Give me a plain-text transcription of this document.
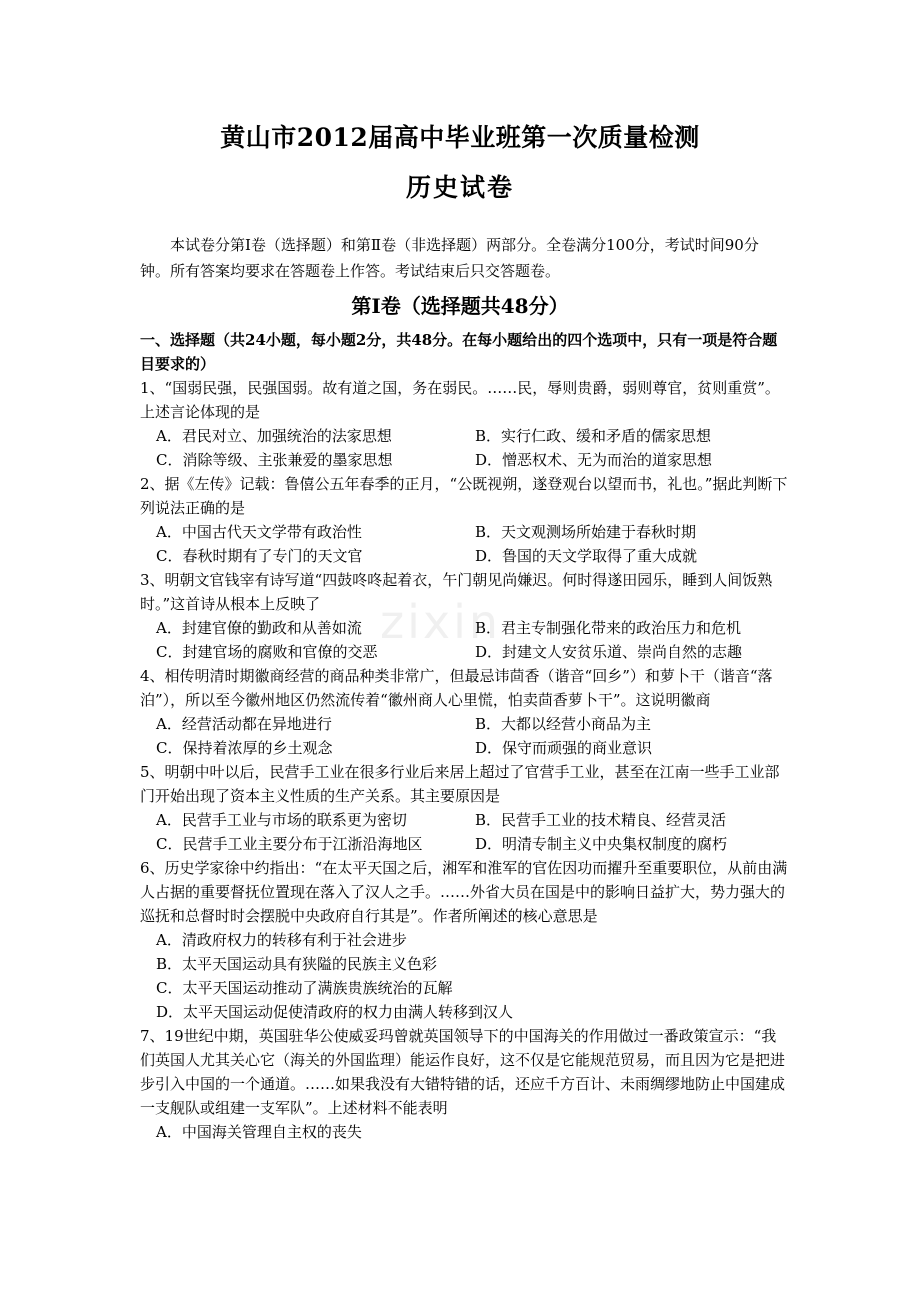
黄山市2012届高中毕业班第一次质量检测
历史试卷
本试卷分第Ⅰ卷（选择题）和第Ⅱ卷（非选择题）两部分。全卷满分100分，考试时间90分钟。所有答案均要求在答题卷上作答。考试结束后只交答题卷。
第Ⅰ卷（选择题共48分）
一、选择题（共24小题，每小题2分，共48分。在每小题给出的四个选项中，只有一项是符合题目要求的）

1、“国弱民强，民强国弱。故有道之国，务在弱民。……民，辱则贵爵，弱则尊官，贫则重赏”。上述言论体现的是

A．君民对立、加强统治的法家思想	B．实行仁政、缓和矛盾的儒家思想
C．消除等级、主张兼爱的墨家思想	D．憎恶权术、无为而治的道家思想

2、据《左传》记载：鲁僖公五年春季的正月，“公既视朔，遂登观台以望而书，礼也。”据此判断下列说法正确的是

A．中国古代天文学带有政治性	B．天文观测场所始建于春秋时期
C．春秋时期有了专门的天文官	D．鲁国的天文学取得了重大成就

3、明朝文官钱宰有诗写道“四鼓咚咚起着衣，午门朝见尚嫌迟。何时得遂田园乐，睡到人间饭熟时。”这首诗从根本上反映了

A．封建官僚的勤政和从善如流	B．君主专制强化带来的政治压力和危机
C．封建官场的腐败和官僚的交恶	D．封建文人安贫乐道、崇尚自然的志趣

4、相传明清时期徽商经营的商品种类非常广，但最忌讳茴香（谐音“回乡”）和萝卜干（谐音“落泊”），所以至今徽州地区仍然流传着“徽州商人心里慌，怕卖茴香萝卜干”。这说明徽商

A．经营活动都在异地进行	B．大都以经营小商品为主
C．保持着浓厚的乡土观念	D．保守而顽强的商业意识

5、明朝中叶以后，民营手工业在很多行业后来居上超过了官营手工业，甚至在江南一些手工业部门开始出现了资本主义性质的生产关系。其主要原因是

A．民营手工业与市场的联系更为密切	B．民营手工业的技术精良、经营灵活
C．民营手工业主要分布于江浙沿海地区	D．明清专制主义中央集权制度的腐朽

6、历史学家徐中约指出：“在太平天国之后，湘军和淮军的官佐因功而擢升至重要职位，从前由满人占据的重要督抚位置现在落入了汉人之手。……外省大员在国是中的影响日益扩大，势力强大的巡抚和总督时时会摆脱中央政府自行其是”。作者所阐述的核心意思是

A．清政府权力的转移有利于社会进步
B．太平天国运动具有狭隘的民族主义色彩
C．太平天国运动推动了满族贵族统治的瓦解
D．太平天国运动促使清政府的权力由满人转移到汉人

7、19世纪中期，英国驻华公使威妥玛曾就英国领导下的中国海关的作用做过一番政策宣示：“我们英国人尤其关心它（海关的外国监理）能运作良好，这不仅是它能规范贸易，而且因为它是把进步引入中国的一个通道。……如果我没有大错特错的话，还应千方百计、未雨绸缪地防止中国建成一支舰队或组建一支军队”。上述材料不能表明

A．中国海关管理自主权的丧失
zixin
